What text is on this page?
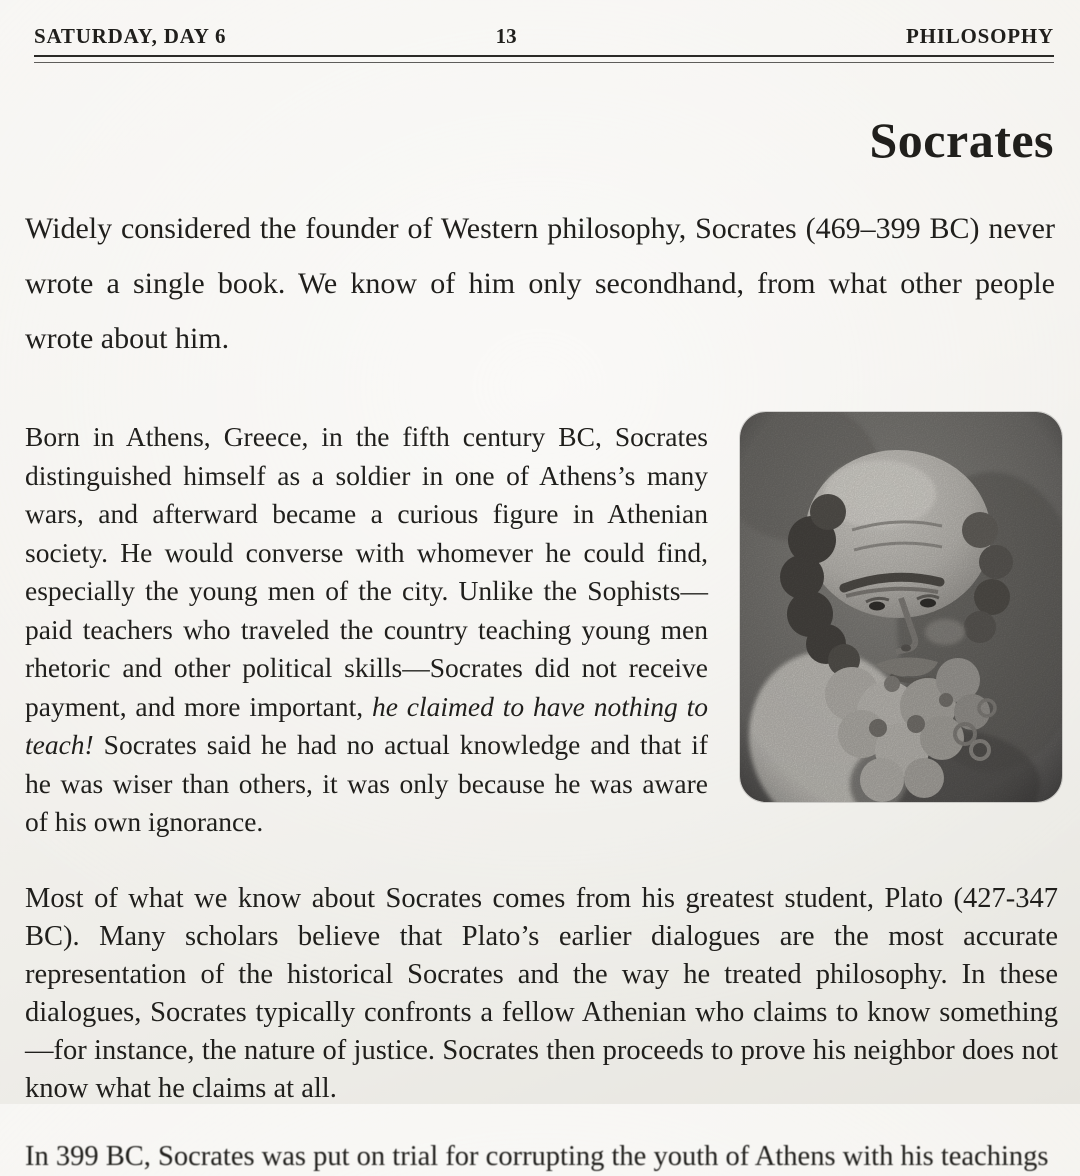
SATURDAY, DAY 6	13	PHILOSOPHY
Socrates

Widely considered the founder of Western philosophy, Socrates (469–399 BC) never wrote a single book. We know of him only secondhand, from what other people wrote about him.

Born in Athens, Greece, in the fifth century BC, Socrates distinguished himself as a soldier in one of Athens’s many wars, and afterward became a curious figure in Athenian society. He would converse with whomever he could find, especially the young men of the city. Unlike the Sophists—paid teachers who traveled the country teaching young men rhetoric and other political skills—Socrates did not receive payment, and more important, he claimed to have nothing to teach! Socrates said he had no actual knowledge and that if he was wiser than others, it was only because he was aware of his own ignorance.

Most of what we know about Socrates comes from his greatest student, Plato (427-347 BC). Many scholars believe that Plato’s earlier dialogues are the most accurate representation of the historical Socrates and the way he treated philosophy. In these dialogues, Socrates typically confronts a fellow Athenian who claims to know something—for instance, the nature of justice. Socrates then proceeds to prove his neighbor does not know what he claims at all.

In 399 BC, Socrates was put on trial for corrupting the youth of Athens with his teachings
